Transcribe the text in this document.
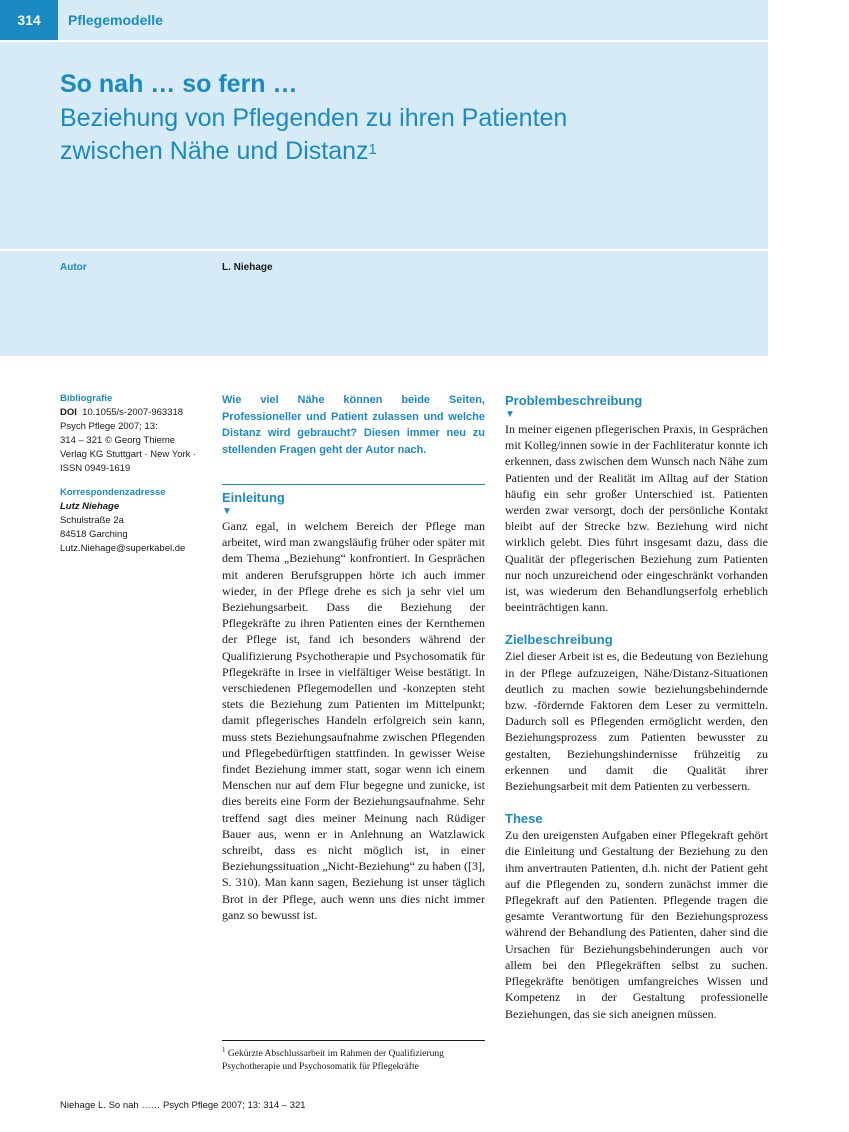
314	Pflegemodelle
So nah … so fern …
Beziehung von Pflegenden zu ihren Patienten
zwischen Nähe und Distanz$^1$
Autor	L. Niehage
Bibliografie
DOI 10.1055/s-2007-963318
Psych Pflege 2007; 13:
314 – 321 © Georg Thieme
Verlag KG Stuttgart · New York ·
ISSN 0949-1619
Korrespondenzadresse
Lutz Niehage
Schulstraße 2a
84518 Garching
Lutz.Niehage@superkabel.de

Wie viel Nähe können beide Seiten, Professioneller und Patient zulassen und welche Distanz wird gebraucht? Diesen immer neu zu stellenden Fragen geht der Autor nach.

Einleitung
▼

Ganz egal, in welchem Bereich der Pflege man arbeitet, wird man zwangsläufig früher oder später mit dem Thema „Beziehung“ konfrontiert. In Gesprächen mit anderen Berufsgruppen hörte ich auch immer wieder, in der Pflege drehe es sich ja sehr viel um Beziehungsarbeit. Dass die Beziehung der Pflegekräfte zu ihren Patienten eines der Kernthemen der Pflege ist, fand ich besonders während der Qualifizierung Psychotherapie und Psychosomatik für Pflegekräfte in Irsee in vielfältiger Weise bestätigt. In verschiedenen Pflegemodellen und -konzepten steht stets die Beziehung zum Patienten im Mittelpunkt; damit pflegerisches Handeln erfolgreich sein kann, muss stets Beziehungsaufnahme zwischen Pflegenden und Pflegebedürftigen stattfinden. In gewisser Weise findet Beziehung immer statt, sogar wenn ich einem Menschen nur auf dem Flur begegne und zunicke, ist dies bereits eine Form der Beziehungsaufnahme. Sehr treffend sagt dies meiner Meinung nach Rüdiger Bauer aus, wenn er in Anlehnung an Watzlawick schreibt, dass es nicht möglich ist, in einer Beziehungssituation „Nicht-Beziehung“ zu haben ([3], S. 310). Man kann sagen, Beziehung ist unser täglich Brot in der Pflege, auch wenn uns dies nicht immer ganz so bewusst ist.

Problembeschreibung
▼

In meiner eigenen pflegerischen Praxis, in Gesprächen mit Kolleg/innen sowie in der Fachliteratur konnte ich erkennen, dass zwischen dem Wunsch nach Nähe zum Patienten und der Realität im Alltag auf der Station häufig ein sehr großer Unterschied ist. Patienten werden zwar versorgt, doch der persönliche Kontakt bleibt auf der Strecke bzw. Beziehung wird nicht wirklich gelebt. Dies führt insgesamt dazu, dass die Qualität der pflegerischen Beziehung zum Patienten nur noch unzureichend oder eingeschränkt vorhanden ist, was wiederum den Behandlungserfolg erheblich beeinträchtigen kann.

Zielbeschreibung

Ziel dieser Arbeit ist es, die Bedeutung von Beziehung in der Pflege aufzuzeigen, Nähe/Distanz-Situationen deutlich zu machen sowie beziehungsbehindernde bzw. -fördernde Faktoren dem Leser zu vermitteln. Dadurch soll es Pflegenden ermöglicht werden, den Beziehungsprozess zum Patienten bewusster zu gestalten, Beziehungshindernisse frühzeitig zu erkennen und damit die Qualität ihrer Beziehungsarbeit mit dem Patienten zu verbessern.

These

Zu den ureigensten Aufgaben einer Pflegekraft gehört die Einleitung und Gestaltung der Beziehung zu den ihm anvertrauten Patienten, d.h. nicht der Patient geht auf die Pflegenden zu, sondern zunächst immer die Pflegekraft auf den Patienten. Pflegende tragen die gesamte Verantwortung für den Beziehungsprozess während der Behandlung des Patienten, daher sind die Ursachen für Beziehungsbehinderungen auch vor allem bei den Pflegekräften selbst zu suchen. Pflegekräfte benötigen umfangreiches Wissen und Kompetenz in der Gestaltung professionelle Beziehungen, das sie sich aneignen müssen.

$^1$ Gekürzte Abschlussarbeit im Rahmen der Qualifizierung Psychotherapie und Psychosomatik für Pflegekräfte
Niehage L. So nah …… Psych Pflege 2007; 13: 314 – 321
